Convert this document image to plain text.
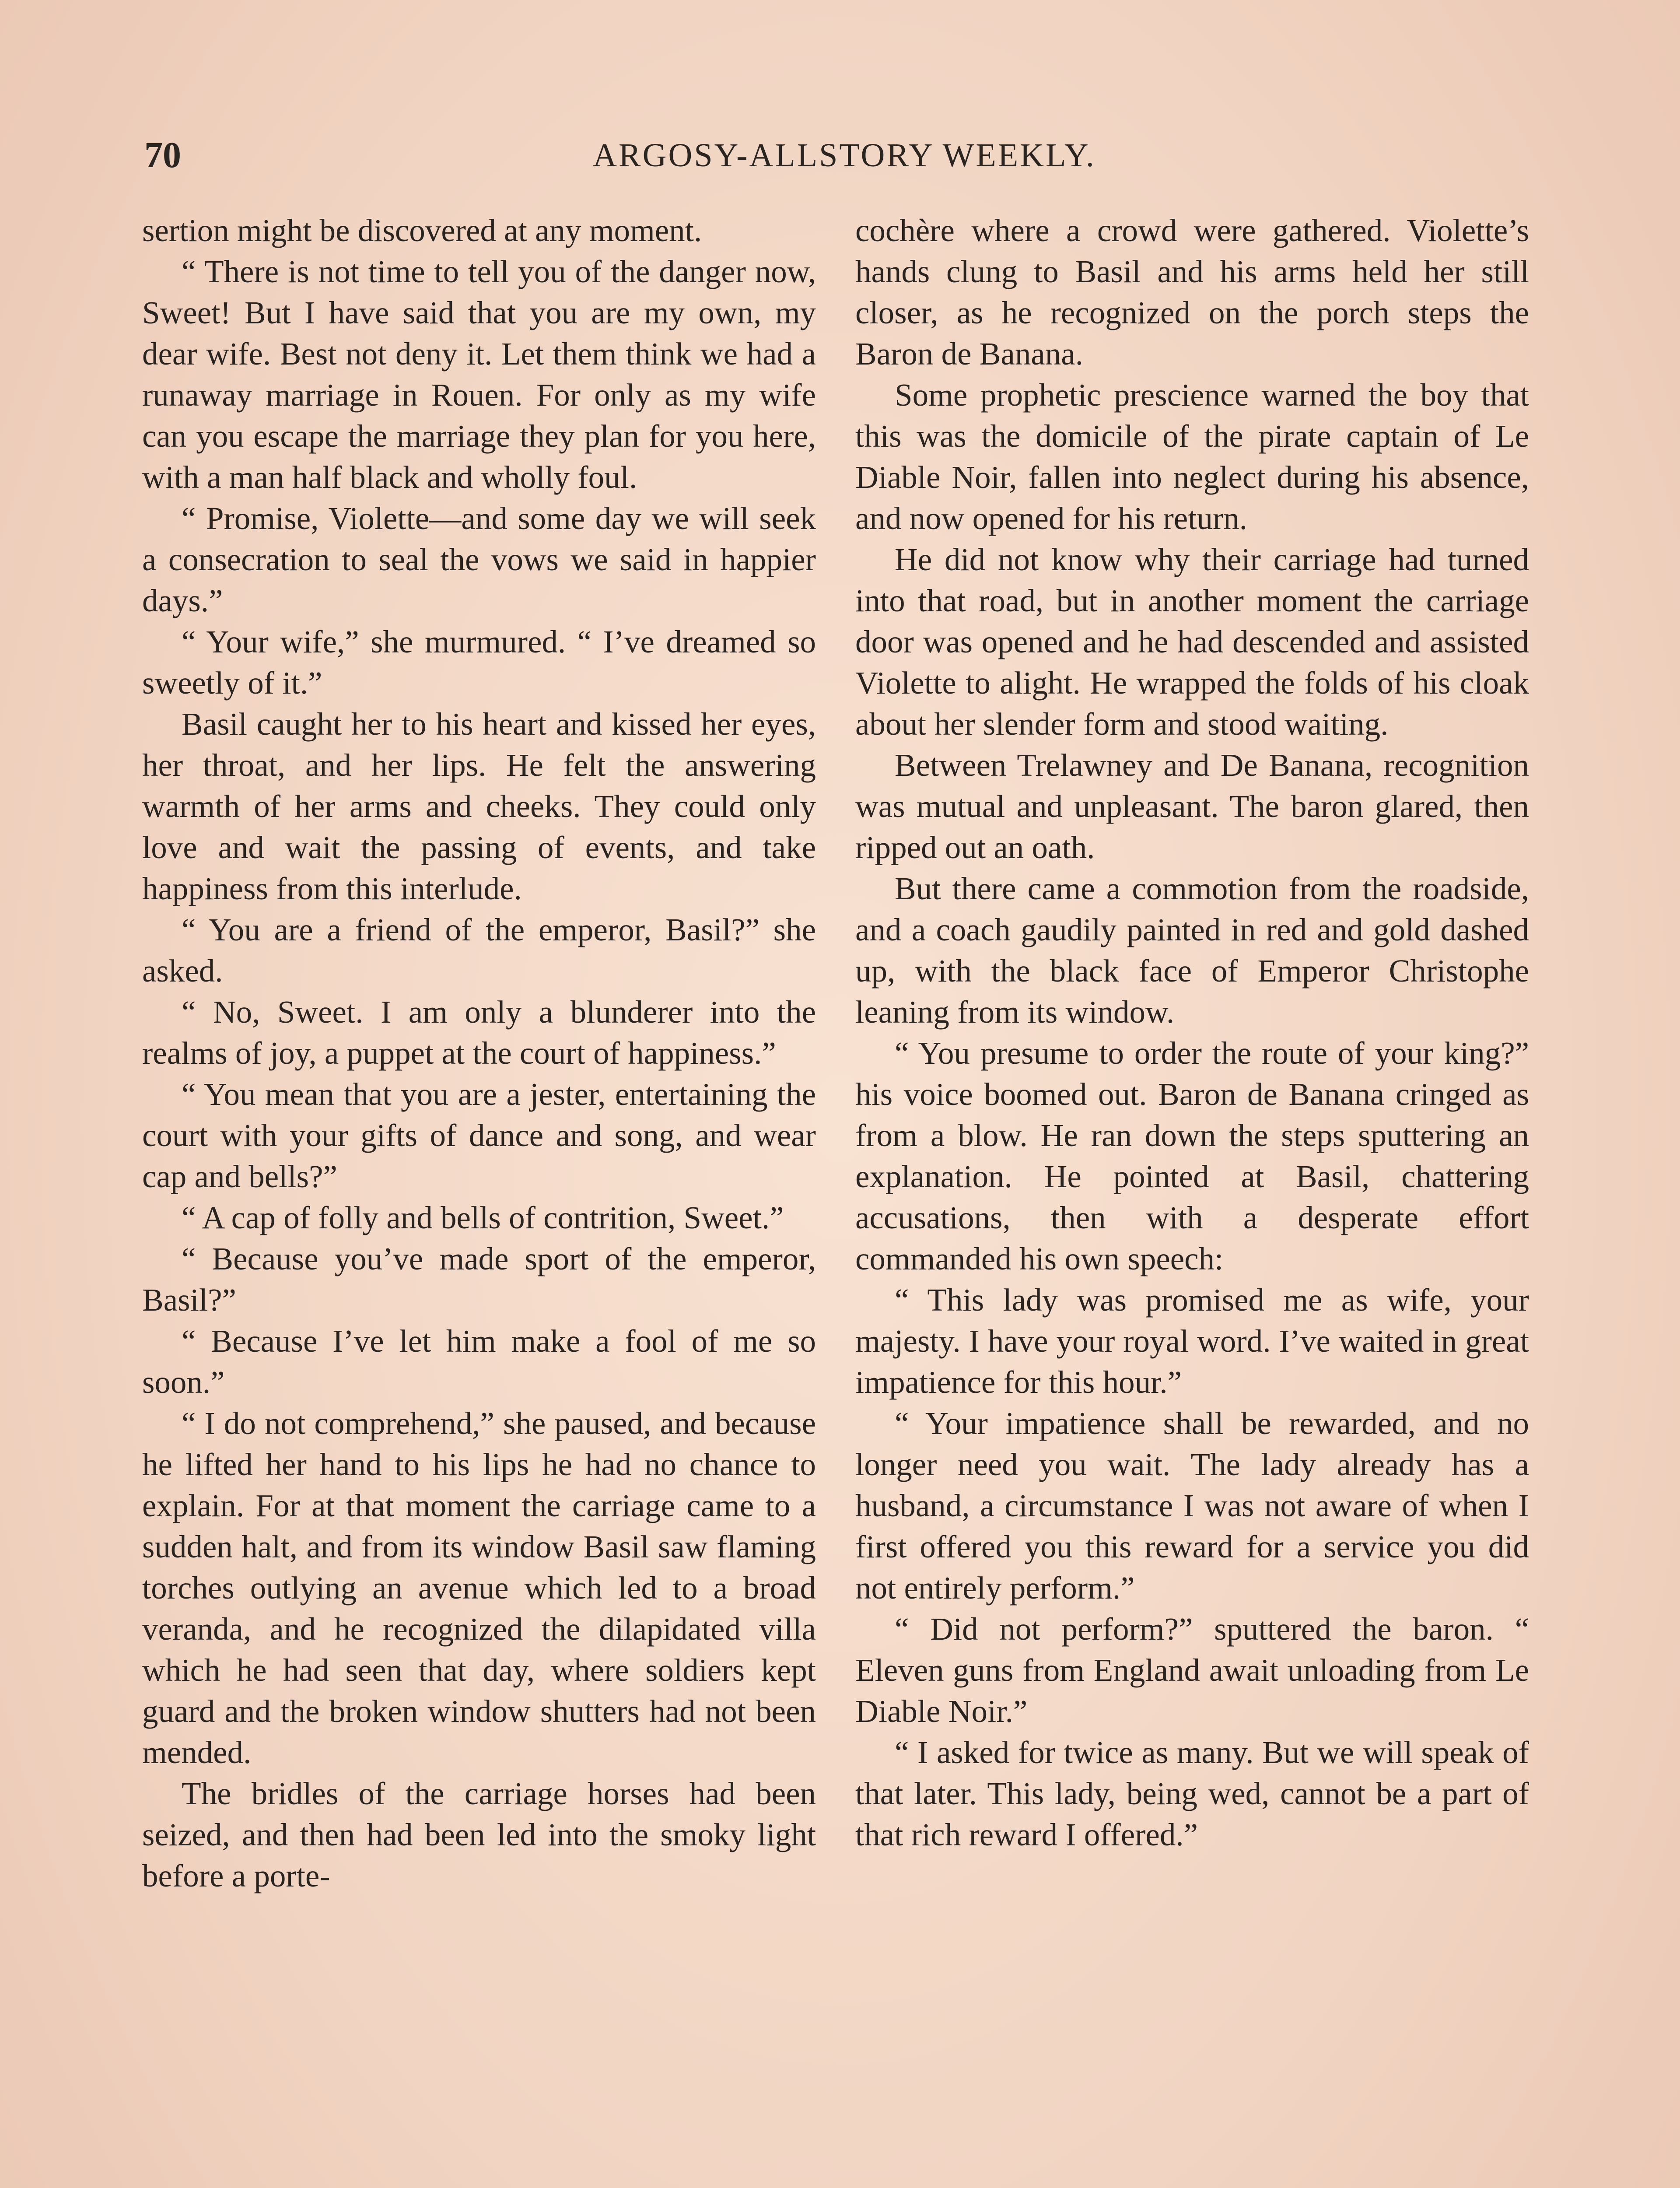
70	ARGOSY-ALLSTORY WEEKLY.

sertion might be discovered at any moment.

“ There is not time to tell you of the danger now, Sweet! But I have said that you are my own, my dear wife. Best not deny it. Let them think we had a runaway marriage in Rouen. For only as my wife can you escape the marriage they plan for you here, with a man half black and wholly foul.

“ Promise, Violette—and some day we will seek a consecration to seal the vows we said in happier days.”

“ Your wife,” she murmured. “ I’ve dreamed so sweetly of it.”

Basil caught her to his heart and kissed her eyes, her throat, and her lips. He felt the answering warmth of her arms and cheeks. They could only love and wait the passing of events, and take happiness from this interlude.

“ You are a friend of the emperor, Basil?” she asked.

“ No, Sweet. I am only a blunderer into the realms of joy, a puppet at the court of happiness.”

“ You mean that you are a jester, entertaining the court with your gifts of dance and song, and wear cap and bells?”

“ A cap of folly and bells of contrition, Sweet.”

“ Because you’ve made sport of the emperor, Basil?”

“ Because I’ve let him make a fool of me so soon.”

“ I do not comprehend,” she paused, and because he lifted her hand to his lips he had no chance to explain. For at that moment the carriage came to a sudden halt, and from its window Basil saw flaming torches outlying an avenue which led to a broad veranda, and he recognized the dilapidated villa which he had seen that day, where soldiers kept guard and the broken window shutters had not been mended.

The bridles of the carriage horses had been seized, and then had been led into the smoky light before a porte-

cochère where a crowd were gathered. Violette’s hands clung to Basil and his arms held her still closer, as he recognized on the porch steps the Baron de Banana.

Some prophetic prescience warned the boy that this was the domicile of the pirate captain of Le Diable Noir, fallen into neglect during his absence, and now opened for his return.

He did not know why their carriage had turned into that road, but in another moment the carriage door was opened and he had descended and assisted Violette to alight. He wrapped the folds of his cloak about her slender form and stood waiting.

Between Trelawney and De Banana, recognition was mutual and unpleasant. The baron glared, then ripped out an oath.

But there came a commotion from the roadside, and a coach gaudily painted in red and gold dashed up, with the black face of Emperor Christophe leaning from its window.

“ You presume to order the route of your king?” his voice boomed out. Baron de Banana cringed as from a blow. He ran down the steps sputtering an explanation. He pointed at Basil, chattering accusations, then with a desperate effort commanded his own speech:

“ This lady was promised me as wife, your majesty. I have your royal word. I’ve waited in great impatience for this hour.”

“ Your impatience shall be rewarded, and no longer need you wait. The lady already has a husband, a circumstance I was not aware of when I first offered you this reward for a service you did not entirely perform.”

“ Did not perform?” sputtered the baron. “ Eleven guns from England await unloading from Le Diable Noir.”

“ I asked for twice as many. But we will speak of that later. This lady, being wed, cannot be a part of that rich reward I offered.”
